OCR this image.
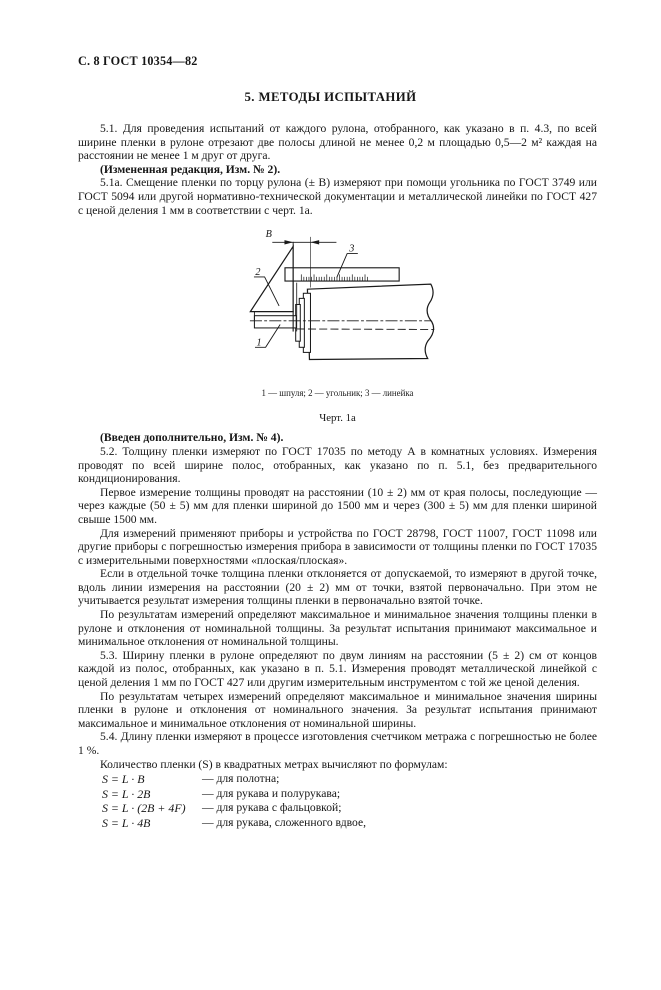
С. 8 ГОСТ 10354—82
5. МЕТОДЫ ИСПЫТАНИЙ

5.1. Для проведения испытаний от каждого рулона, отобранного, как указано в п. 4.3, по всей ширине пленки в рулоне отрезают две полосы длиной не менее 0,2 м площадью 0,5—2 м² каждая на расстоянии не менее 1 м друг от друга.

(Измененная редакция, Изм. № 2).

5.1а. Смещение пленки по торцу рулона (± В) измеряют при помощи угольника по ГОСТ 3749 или ГОСТ 5094 или другой нормативно-технической документации и металлической линейки по ГОСТ 427 с ценой деления 1 мм в соответствии с черт. 1а.

В
1
2
3
1 — шпуля; 2 — угольник; 3 — линейка
Черт. 1а

(Введен дополнительно, Изм. № 4).

5.2. Толщину пленки измеряют по ГОСТ 17035 по методу А в комнатных условиях. Измерения проводят по всей ширине полос, отобранных, как указано по п. 5.1, без предварительного кондиционирования.

Первое измерение толщины проводят на расстоянии (10 ± 2) мм от края полосы, последующие — через каждые (50 ± 5) мм для пленки шириной до 1500 мм и через (300 ± 5) мм для пленки шириной свыше 1500 мм.

Для измерений применяют приборы и устройства по ГОСТ 28798, ГОСТ 11007, ГОСТ 11098 или другие приборы с погрешностью измерения прибора в зависимости от толщины пленки по ГОСТ 17035 с измерительными поверхностями «плоская/плоская».

Если в отдельной точке толщина пленки отклоняется от допускаемой, то измеряют в другой точке, вдоль линии измерения на расстоянии (20 ± 2) мм от точки, взятой первоначально. При этом не учитывается результат измерения толщины пленки в первоначально взятой точке.

По результатам измерений определяют максимальное и минимальное значения толщины пленки в рулоне и отклонения от номинальной толщины. За результат испытания принимают максимальное и минимальное отклонения от номинальной толщины.

5.3. Ширину пленки в рулоне определяют по двум линиям на расстоянии (5 ± 2) см от концов каждой из полос, отобранных, как указано в п. 5.1. Измерения проводят металлической линейкой с ценой деления 1 мм по ГОСТ 427 или другим измерительным инструментом с той же ценой деления.

По результатам четырех измерений определяют максимальное и минимальное значения ширины пленки в рулоне и отклонения от номинального значения. За результат испытания принимают максимальное и минимальное отклонения от номинальной ширины.

5.4. Длину пленки измеряют в процессе изготовления счетчиком метража с погрешностью не более 1 %.

Количество пленки (S) в квадратных метрах вычисляют по формулам:

S = L · B	— для полотна;
S = L · 2B	— для рукава и полурукава;
S = L · (2B + 4F)	— для рукава с фальцовкой;
S = L · 4B	— для рукава, сложенного вдвое,
